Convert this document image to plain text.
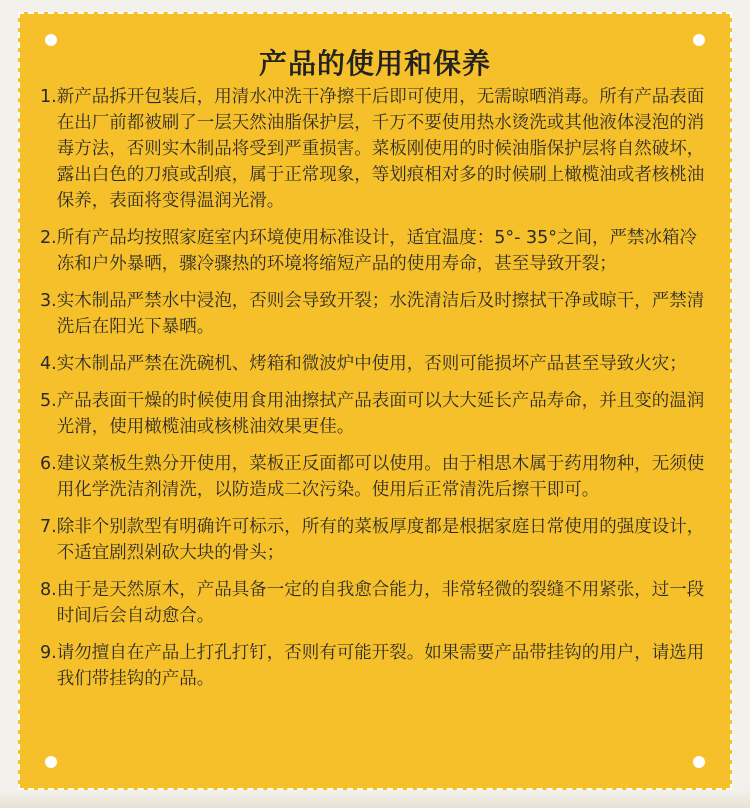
产品的使用和保养
1. 新产品拆开包装后，用清水冲洗干净擦干后即可使用，无需晾晒消毒。所有产品表面在出厂前都被刷了一层天然油脂保护层，千万不要使用热水烫洗或其他液体浸泡的消毒方法，否则实木制品将受到严重损害。菜板刚使用的时候油脂保护层将自然破坏，露出白色的刀痕或刮痕，属于正常现象，等划痕相对多的时候刷上橄榄油或者核桃油保养，表面将变得温润光滑。
2. 所有产品均按照家庭室内环境使用标准设计，适宜温度：5°- 35°之间，严禁冰箱冷冻和户外暴晒，骤冷骤热的环境将缩短产品的使用寿命，甚至导致开裂；
3. 实木制品严禁水中浸泡，否则会导致开裂；水洗清洁后及时擦拭干净或晾干，严禁清洗后在阳光下暴晒。
4. 实木制品严禁在洗碗机、烤箱和微波炉中使用，否则可能损坏产品甚至导致火灾；
5. 产品表面干燥的时候使用食用油擦拭产品表面可以大大延长产品寿命，并且变的温润光滑，使用橄榄油或核桃油效果更佳。
6. 建议菜板生熟分开使用，菜板正反面都可以使用。由于相思木属于药用物种，无须使用化学洗洁剂清洗，以防造成二次污染。使用后正常清洗后擦干即可。
7. 除非个别款型有明确许可标示，所有的菜板厚度都是根据家庭日常使用的强度设计，不适宜剧烈剁砍大块的骨头；
8. 由于是天然原木，产品具备一定的自我愈合能力，非常轻微的裂缝不用紧张，过一段时间后会自动愈合。
9. 请勿擅自在产品上打孔打钉，否则有可能开裂。如果需要产品带挂钩的用户，请选用我们带挂钩的产品。
